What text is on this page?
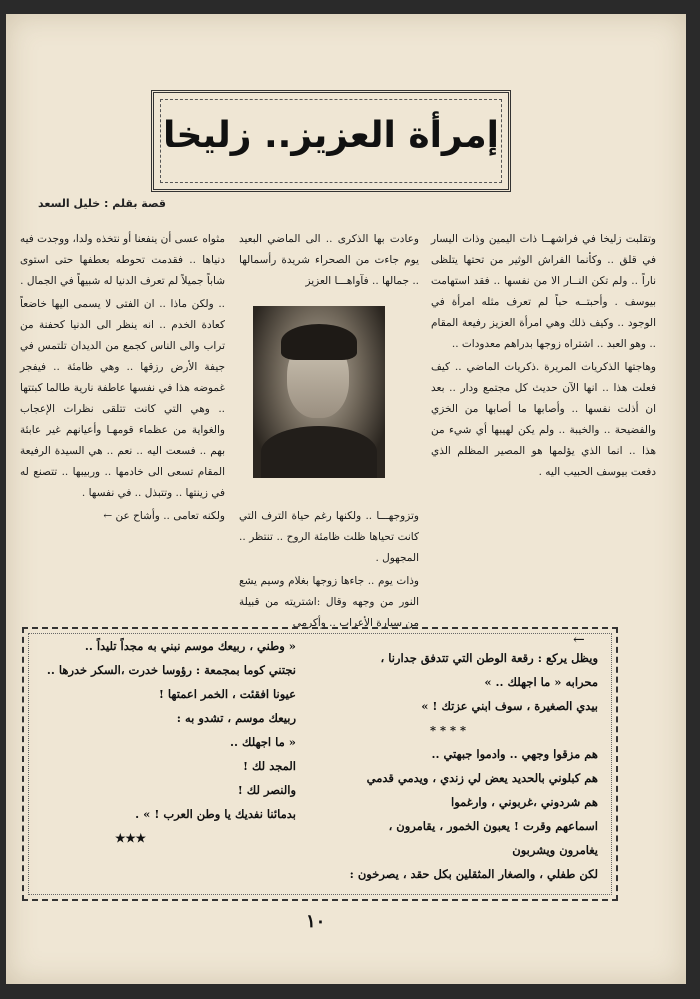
إمرأة العزيز.. زليخا
قصة بقلم : خليل السعد

وتقلبت زليخا في فراشهــا ذات اليمين وذات اليسار في قلق .. وكأنما الفراش الوثير من تحتها يتلظى ناراً .. ولم تكن النــار الا من نفسها .. فقد استهامت بيوسف . وأحبتــه حباً لم تعرف مثله امرأة في الوجود .. وكيف ذلك وهي امرأة العزيز رفيعة المقام .. وهو العبد .. اشتراه زوجها بدراهم معدودات ..

وهاجتها الذكريات المريرة .ذكريات الماضي .. كيف فعلت هذا .. انها الآن حديث كل مجتمع ودار .. بعد ان أذلت نفسها .. وأصابها ما أصابها من الخزي والفضيحة .. والخيبة .. ولم يكن لهيبها أي شيء من هذا .. انما الذي يؤلمها هو المصير المظلم الذي دفعت بيوسف الحبيب اليه .

وعادت بها الذكرى .. الى الماضي البعيد يوم جاءت من الصحراء شريدة رأسمالها .. جمالها .. فآواهـــا العزيز

وتزوجهـــا .. ولكنها رغم حياة الترف التي كانت تحياها ظلت ظامئة الروح .. تنتظر .. المجهول .

وذات يوم .. جاءها زوجها بغلام وسيم يشع النور من وجهه وقال :اشتريته من قبيلة من سيارة الأعراب .. وأكرمي

مثواه عسى أن ينفعنا أو نتخذه ولدا، ووجدت فيه دنياها .. فقدمت تحوطه بعطفها حتى استوى شاباً جميلاً لم تعرف الدنيا له شبيهاً في الجمال .

.. ولكن ماذا .. ان الفتى لا يسمى اليها خاضعاً كعادة الخدم .. انه ينظر الى الدنيا كحفنة من تراب والى الناس كجمع من الديدان تلتمس في جيفة الأرض رزقها .. وهي ظامئة .. فيفجر غموضه هذا في نفسها عاطفة نارية طالما كبتتها .. وهي التي كانت تتلقى نظرات الإعجاب والغواية من عظماء قومهـا وأعيانهم غير عابئة بهم .. فسعت اليه .. نعم .. هي السيدة الرفيعة المقام تسعى الى خادمها .. وربيبها .. تتصنع له في زينتها .. وتتبذل .. في نفسها .

ولكنه تعامى .. وأشاح عن ←

←
ويظل يركع : رقعة الوطن التي تتدفق جدارنا ،
محرابه « ما اجهلك .. »
بيدي الصغيرة ، سوف ابني عزتك ! »
* * * *
هم مزقوا وجهي .. وادموا جبهتي ..
هم كبلوني بالحديد يعض لي زندي ، ويدمي قدمي
هم شردوني ،غربوني ، وارغموا
اسماعهم وقرت ! يعبون الخمور ، يقامرون ،
يغامرون ويشربون
لكن طفلي ، والصغار المثقلين بكل حقد ، يصرخون :
« وطني ، ربيعك موسم نبني به مجداً تليداً ..
نجتني كوما بمجمعة : رؤوسا خدرت ،السكر خدرها ..
عيونا افقئت ، الخمر اعمتها !
ربيعك موسم ، تشدو به :
« ما اجهلك ..
المجد لك !
والنصر لك !
بدمائنا نفديك يا وطن العرب ! » .
★★★
١٠
